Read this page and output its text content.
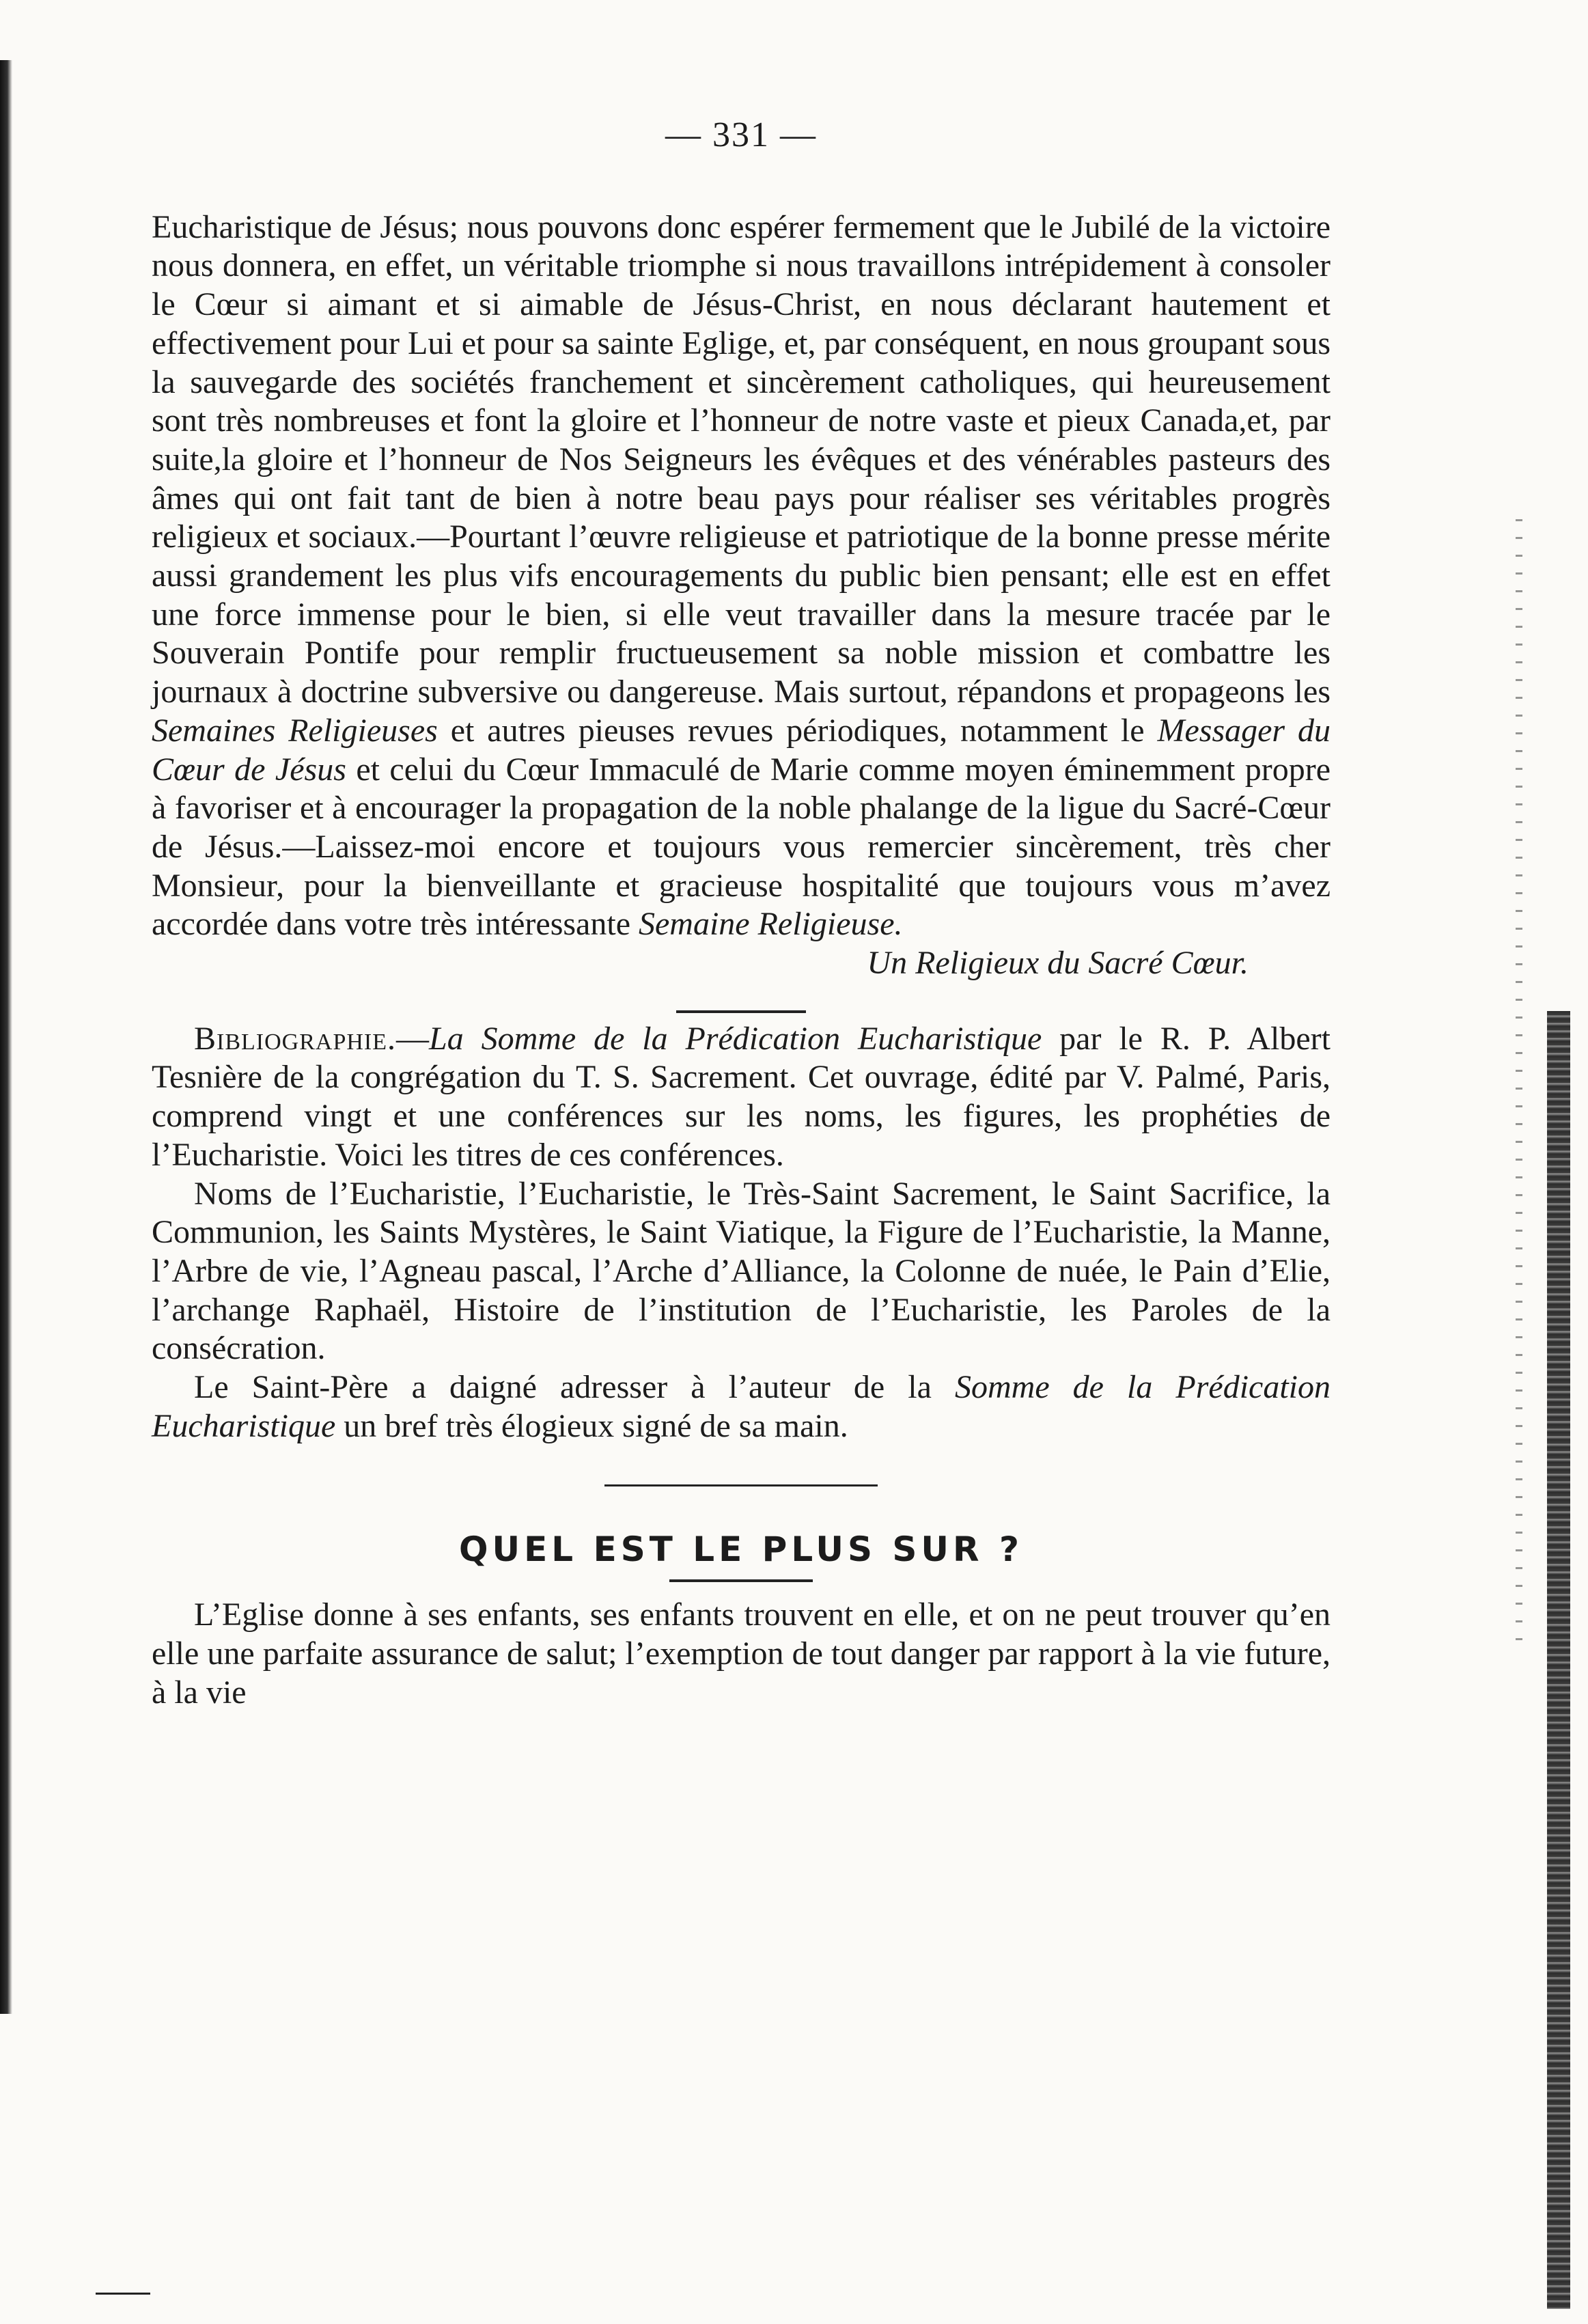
— 331 —

Eucharistique de Jésus; nous pouvons donc espérer fermement que le Jubilé de la victoire nous donnera, en effet, un véritable triomphe si nous travaillons intrépidement à consoler le Cœur si aimant et si aimable de Jésus-Christ, en nous déclarant hautement et effectivement pour Lui et pour sa sainte Eglige, et, par conséquent, en nous groupant sous la sauvegarde des sociétés franchement et sincèrement catholiques, qui heureusement sont très nombreuses et font la gloire et l’honneur de notre vaste et pieux Canada,et, par suite,la gloire et l’honneur de Nos Seigneurs les évêques et des vénérables pasteurs des âmes qui ont fait tant de bien à notre beau pays pour réaliser ses véritables progrès religieux et sociaux.—Pourtant l’œuvre religieuse et patriotique de la bonne presse mérite aussi grandement les plus vifs encouragements du public bien pensant; elle est en effet une force immense pour le bien, si elle veut travailler dans la mesure tracée par le Souverain Pontife pour remplir fructueusement sa noble mission et combattre les journaux à doctrine subversive ou dangereuse. Mais surtout, répandons et propageons les Semaines Religieuses et autres pieuses revues périodiques, notamment le Messager du Cœur de Jésus et celui du Cœur Immaculé de Marie comme moyen éminemment propre à favoriser et à encourager la propagation de la noble phalange de la ligue du Sacré-Cœur de Jésus.—Laissez-moi encore et toujours vous remercier sincèrement, très cher Monsieur, pour la bienveillante et gracieuse hospitalité que toujours vous m’avez accordée dans votre très intéressante Semaine Religieuse.

Un Religieux du Sacré Cœur.

Bibliographie.—La Somme de la Prédication Eucharistique par le R. P. Albert Tesnière de la congrégation du T. S. Sacrement. Cet ouvrage, édité par V. Palmé, Paris, comprend vingt et une conférences sur les noms, les figures, les prophéties de l’Eucharistie. Voici les titres de ces conférences.

Noms de l’Eucharistie, l’Eucharistie, le Très-Saint Sacrement, le Saint Sacrifice, la Communion, les Saints Mystères, le Saint Viatique, la Figure de l’Eucharistie, la Manne, l’Arbre de vie, l’Agneau pascal, l’Arche d’Alliance, la Colonne de nuée, le Pain d’Elie, l’archange Raphaël, Histoire de l’institution de l’Eucharistie, les Paroles de la consécration.

Le Saint-Père a daigné adresser à l’auteur de la Somme de la Prédication Eucharistique un bref très élogieux signé de sa main.

QUEL EST LE PLUS SUR ?

L’Eglise donne à ses enfants, ses enfants trouvent en elle, et on ne peut trouver qu’en elle une parfaite assurance de salut; l’exemption de tout danger par rapport à la vie future, à la vie
